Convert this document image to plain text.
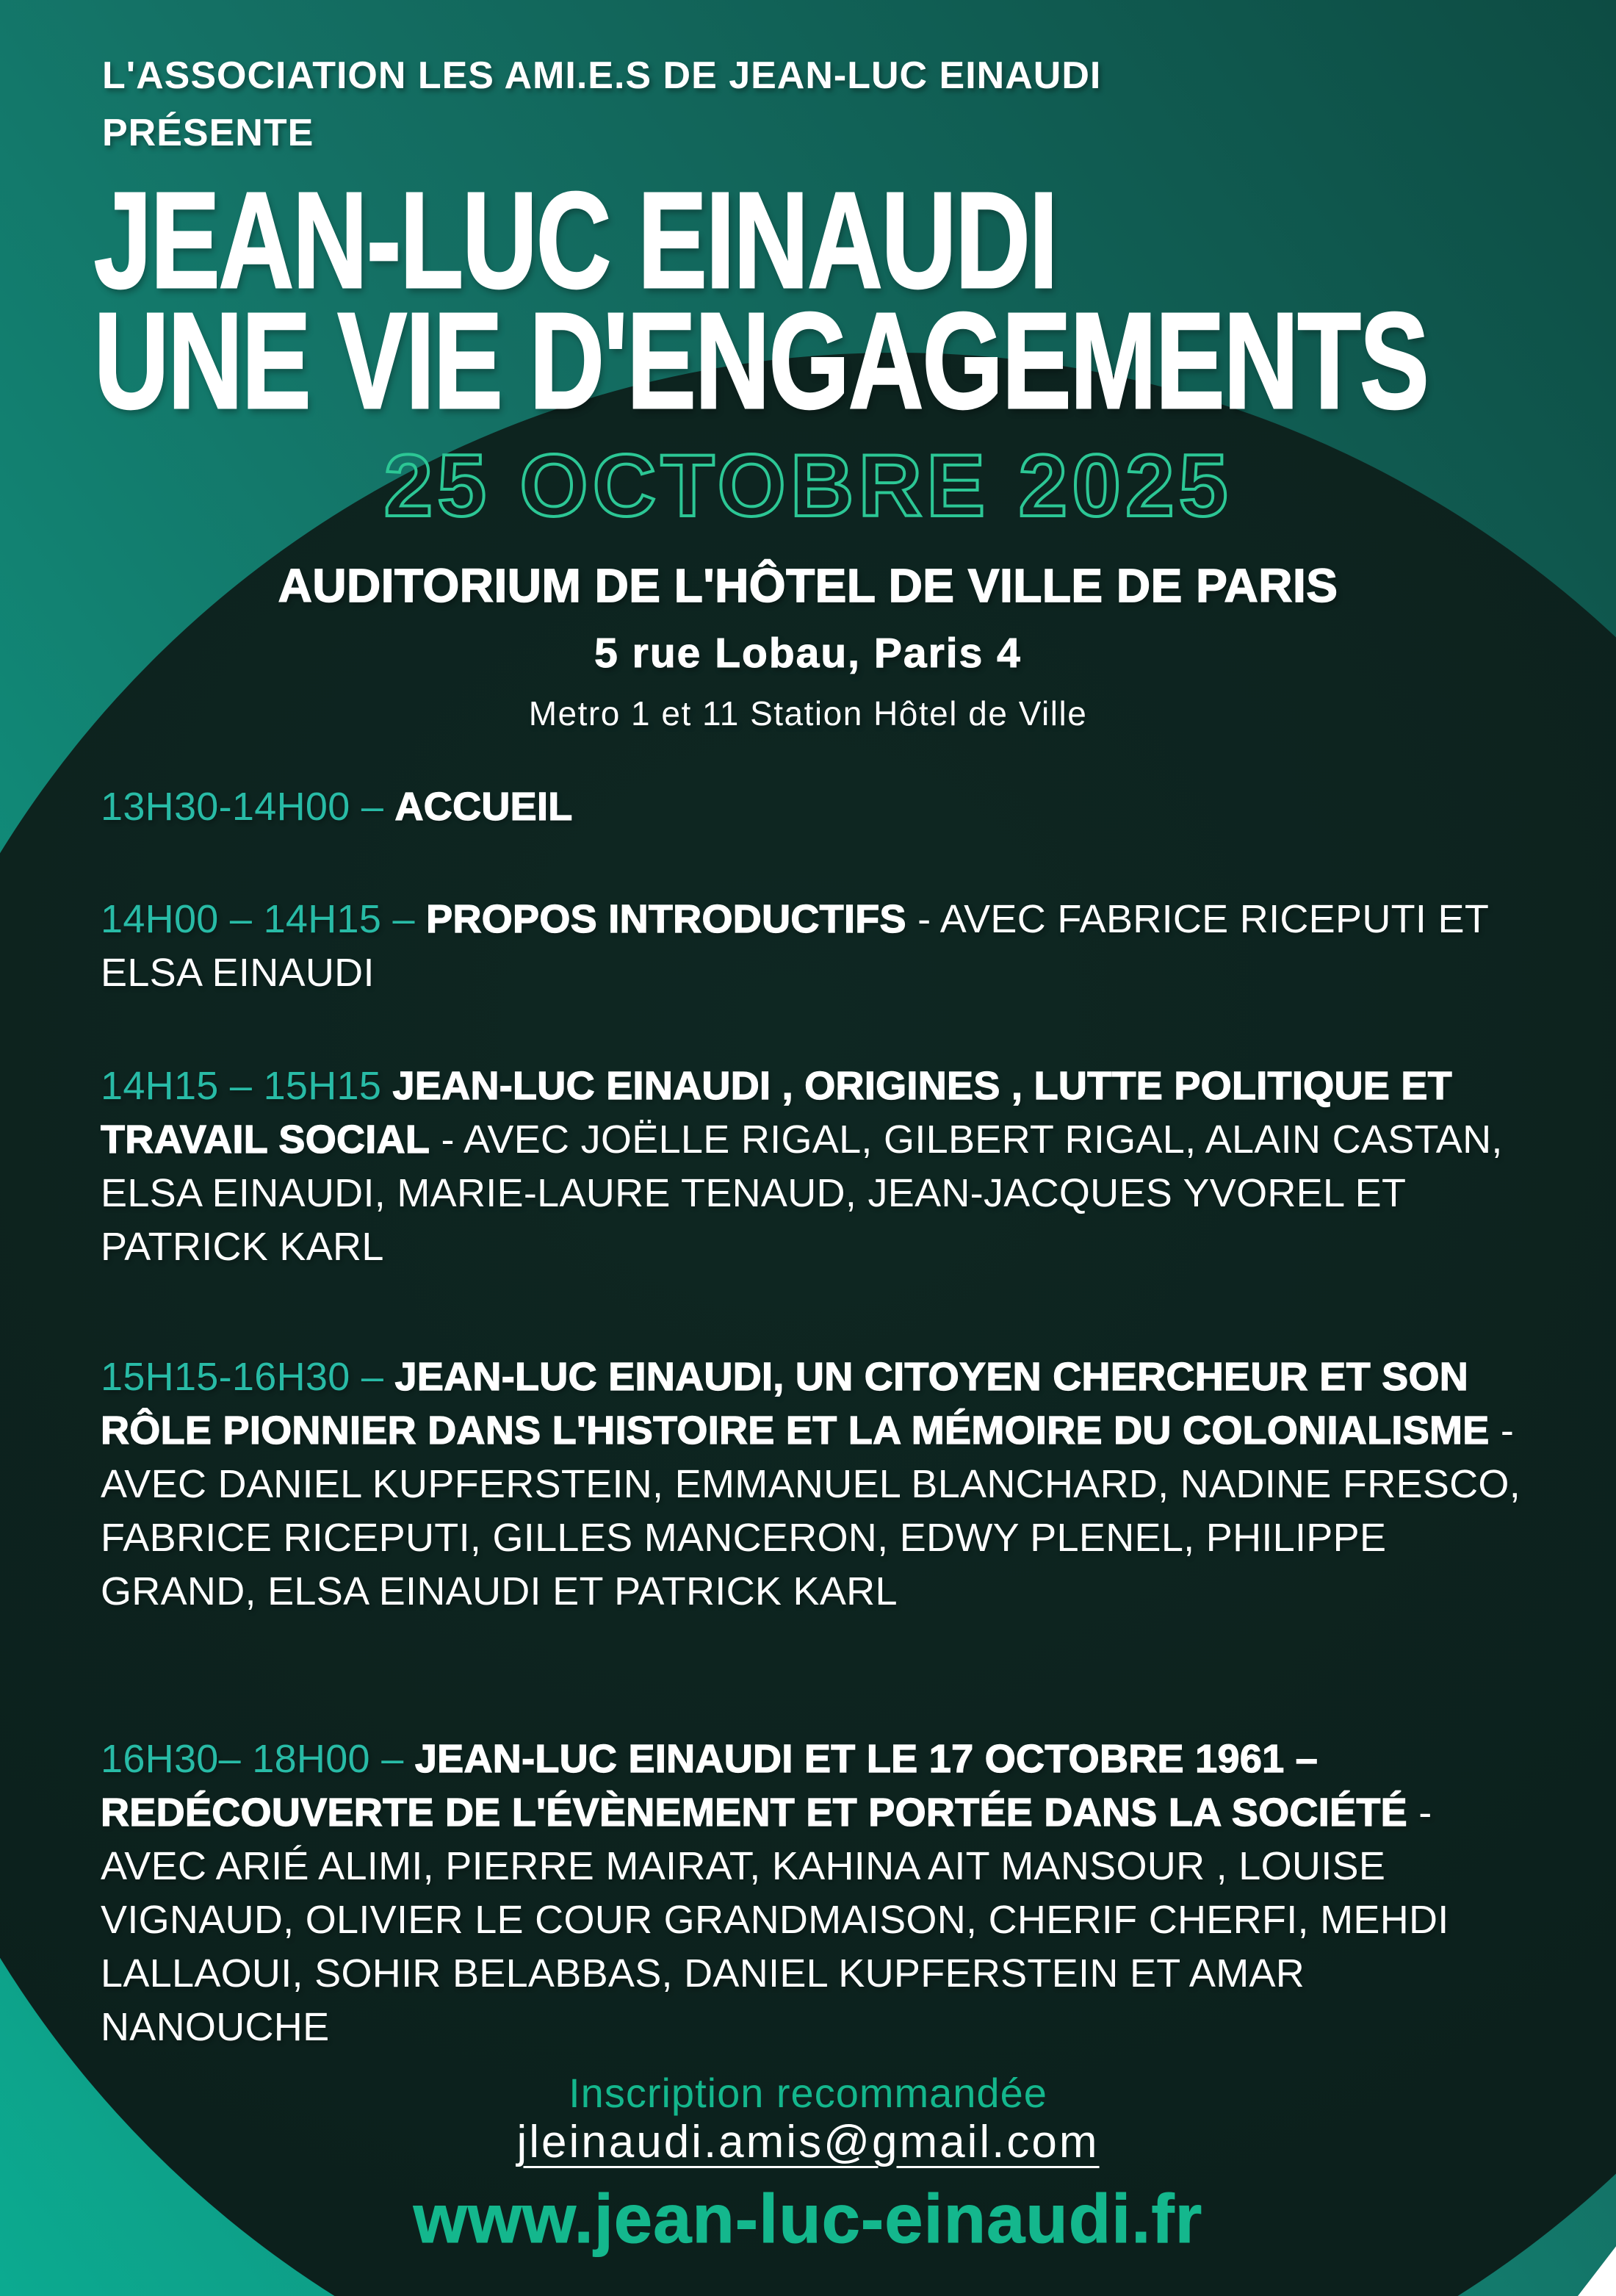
L'ASSOCIATION LES AMI.E.S DE JEAN-LUC EINAUDI
PRÉSENTE
JEAN-LUC EINAUDI
UNE VIE D'ENGAGEMENTS
25 OCTOBRE 2025
AUDITORIUM DE L'HÔTEL DE VILLE DE PARIS
5 rue Lobau, Paris 4
Metro 1 et 11 Station Hôtel de Ville

13H30-14H00 – ACCUEIL

14H00 – 14H15 – PROPOS INTRODUCTIFS - AVEC FABRICE RICEPUTI ET ELSA EINAUDI

14H15 – 15H15 JEAN-LUC EINAUDI , ORIGINES , LUTTE POLITIQUE ET TRAVAIL SOCIAL - AVEC JOËLLE RIGAL, GILBERT RIGAL, ALAIN CASTAN, ELSA EINAUDI, MARIE-LAURE TENAUD, JEAN-JACQUES YVOREL ET PATRICK KARL

15H15-16H30 – JEAN-LUC EINAUDI, UN CITOYEN CHERCHEUR ET SON RÔLE PIONNIER DANS L'HISTOIRE ET LA MÉMOIRE DU COLONIALISME - AVEC DANIEL KUPFERSTEIN, EMMANUEL BLANCHARD, NADINE FRESCO, FABRICE RICEPUTI, GILLES MANCERON, EDWY PLENEL, PHILIPPE GRAND, ELSA EINAUDI ET PATRICK KARL

16H30– 18H00 – JEAN-LUC EINAUDI ET LE 17 OCTOBRE 1961 – REDÉCOUVERTE DE L'ÉVÈNEMENT ET PORTÉE DANS LA SOCIÉTÉ - AVEC ARIÉ ALIMI, PIERRE MAIRAT, KAHINA AIT MANSOUR , LOUISE VIGNAUD, OLIVIER LE COUR GRANDMAISON, CHERIF CHERFI, MEHDI LALLAOUI, SOHIR BELABBAS, DANIEL KUPFERSTEIN ET AMAR NANOUCHE

Inscription recommandée
jleinaudi.amis@gmail.com
www.jean-luc-einaudi.fr
